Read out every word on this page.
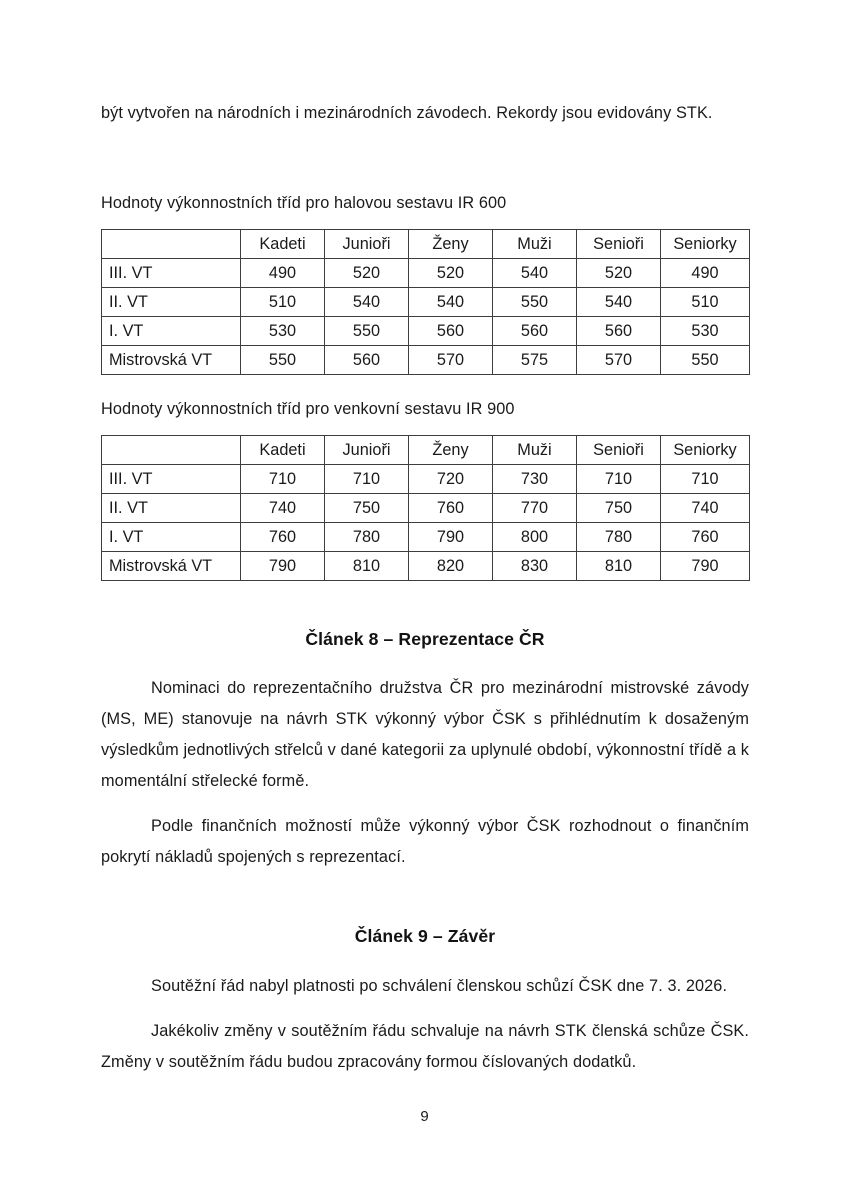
být vytvořen na národních i mezinárodních závodech. Rekordy jsou evidovány STK.

Hodnoty výkonnostních tříd pro halovou sestavu IR 600
	Kadeti	Junioři	Ženy	Muži	Senioři	Seniorky
III. VT	490	520	520	540	520	490
II. VT	510	540	540	550	540	510
I. VT	530	550	560	560	560	530
Mistrovská VT	550	560	570	575	570	550
Hodnoty výkonnostních tříd pro venkovní sestavu IR 900
	Kadeti	Junioři	Ženy	Muži	Senioři	Seniorky
III. VT	710	710	720	730	710	710
II. VT	740	750	760	770	750	740
I. VT	760	780	790	800	780	760
Mistrovská VT	790	810	820	830	810	790
Článek 8 – Reprezentace ČR

Nominaci do reprezentačního družstva ČR pro mezinárodní mistrovské závody (MS, ME) stanovuje na návrh STK výkonný výbor ČSK s přihlédnutím k dosaženým výsledkům jednotlivých střelců v dané kategorii za uplynulé období, výkonnostní třídě a k momentální střelecké formě.

Podle finančních možností může výkonný výbor ČSK rozhodnout o finančním pokrytí nákladů spojených s reprezentací.

Článek 9 – Závěr

Soutěžní řád nabyl platnosti po schválení členskou schůzí ČSK dne 7. 3. 2026.

Jakékoliv změny v soutěžním řádu schvaluje na návrh STK členská schůze ČSK. Změny v soutěžním řádu budou zpracovány formou číslovaných dodatků.

9
